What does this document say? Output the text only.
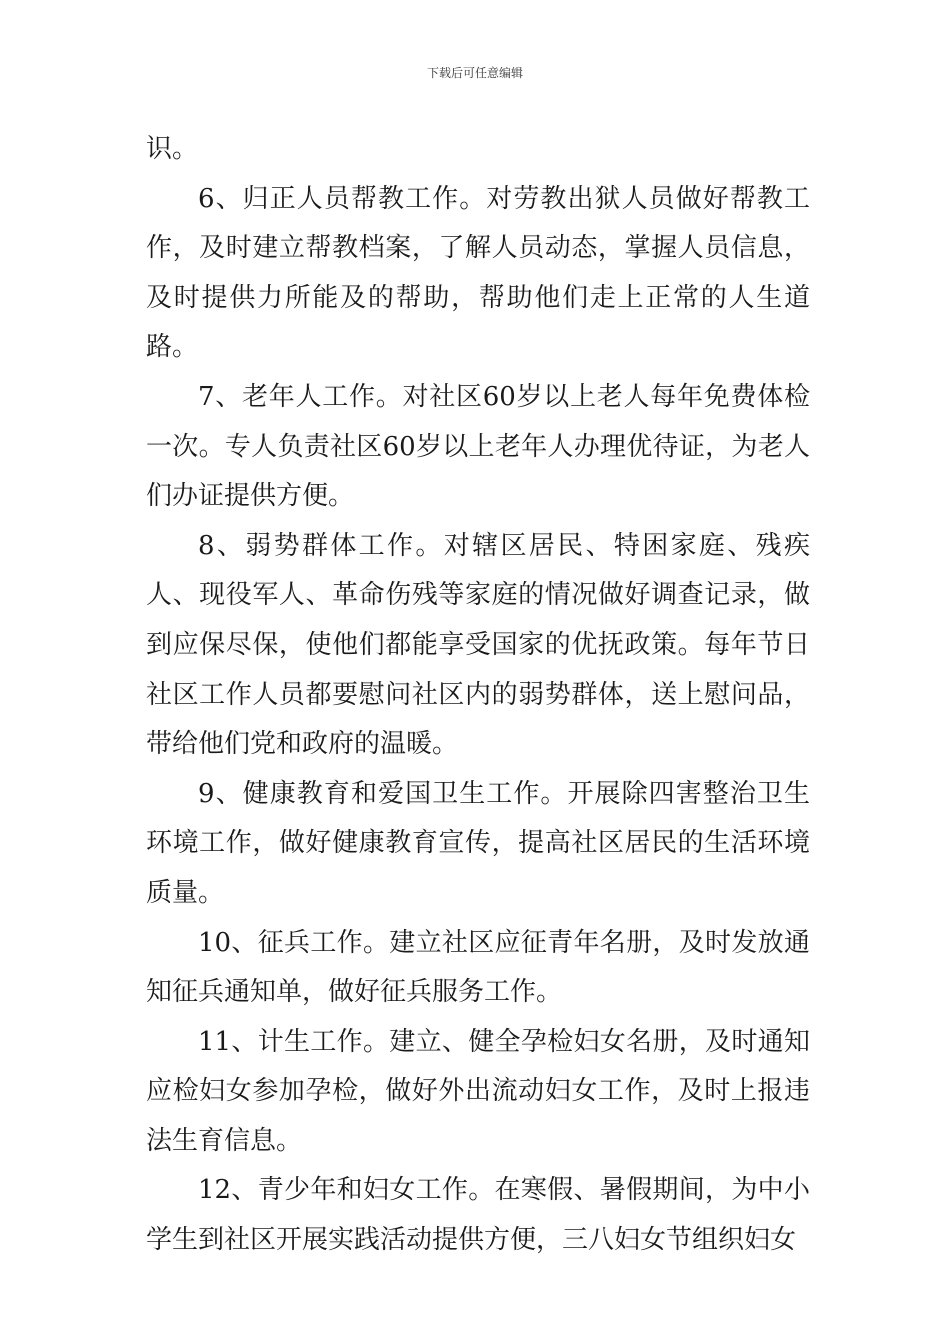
下载后可任意编辑

识。

6、归正人员帮教工作。对劳教出狱人员做好帮教工作，及时建立帮教档案，了解人员动态，掌握人员信息，及时提供力所能及的帮助，帮助他们走上正常的人生道路。

7、老年人工作。对社区60岁以上老人每年免费体检一次。专人负责社区60岁以上老年人办理优待证，为老人们办证提供方便。

8、弱势群体工作。对辖区居民、特困家庭、残疾人、现役军人、革命伤残等家庭的情况做好调查记录，做到应保尽保，使他们都能享受国家的优抚政策。每年节日社区工作人员都要慰问社区内的弱势群体，送上慰问品，带给他们党和政府的温暖。

9、健康教育和爱国卫生工作。开展除四害整治卫生环境工作，做好健康教育宣传，提高社区居民的生活环境质量。

10、征兵工作。建立社区应征青年名册，及时发放通知征兵通知单，做好征兵服务工作。

11、计生工作。建立、健全孕检妇女名册，及时通知应检妇女参加孕检，做好外出流动妇女工作，及时上报违法生育信息。

12、青少年和妇女工作。在寒假、暑假期间，为中小学生到社区开展实践活动提供方便，三八妇女节组织妇女
